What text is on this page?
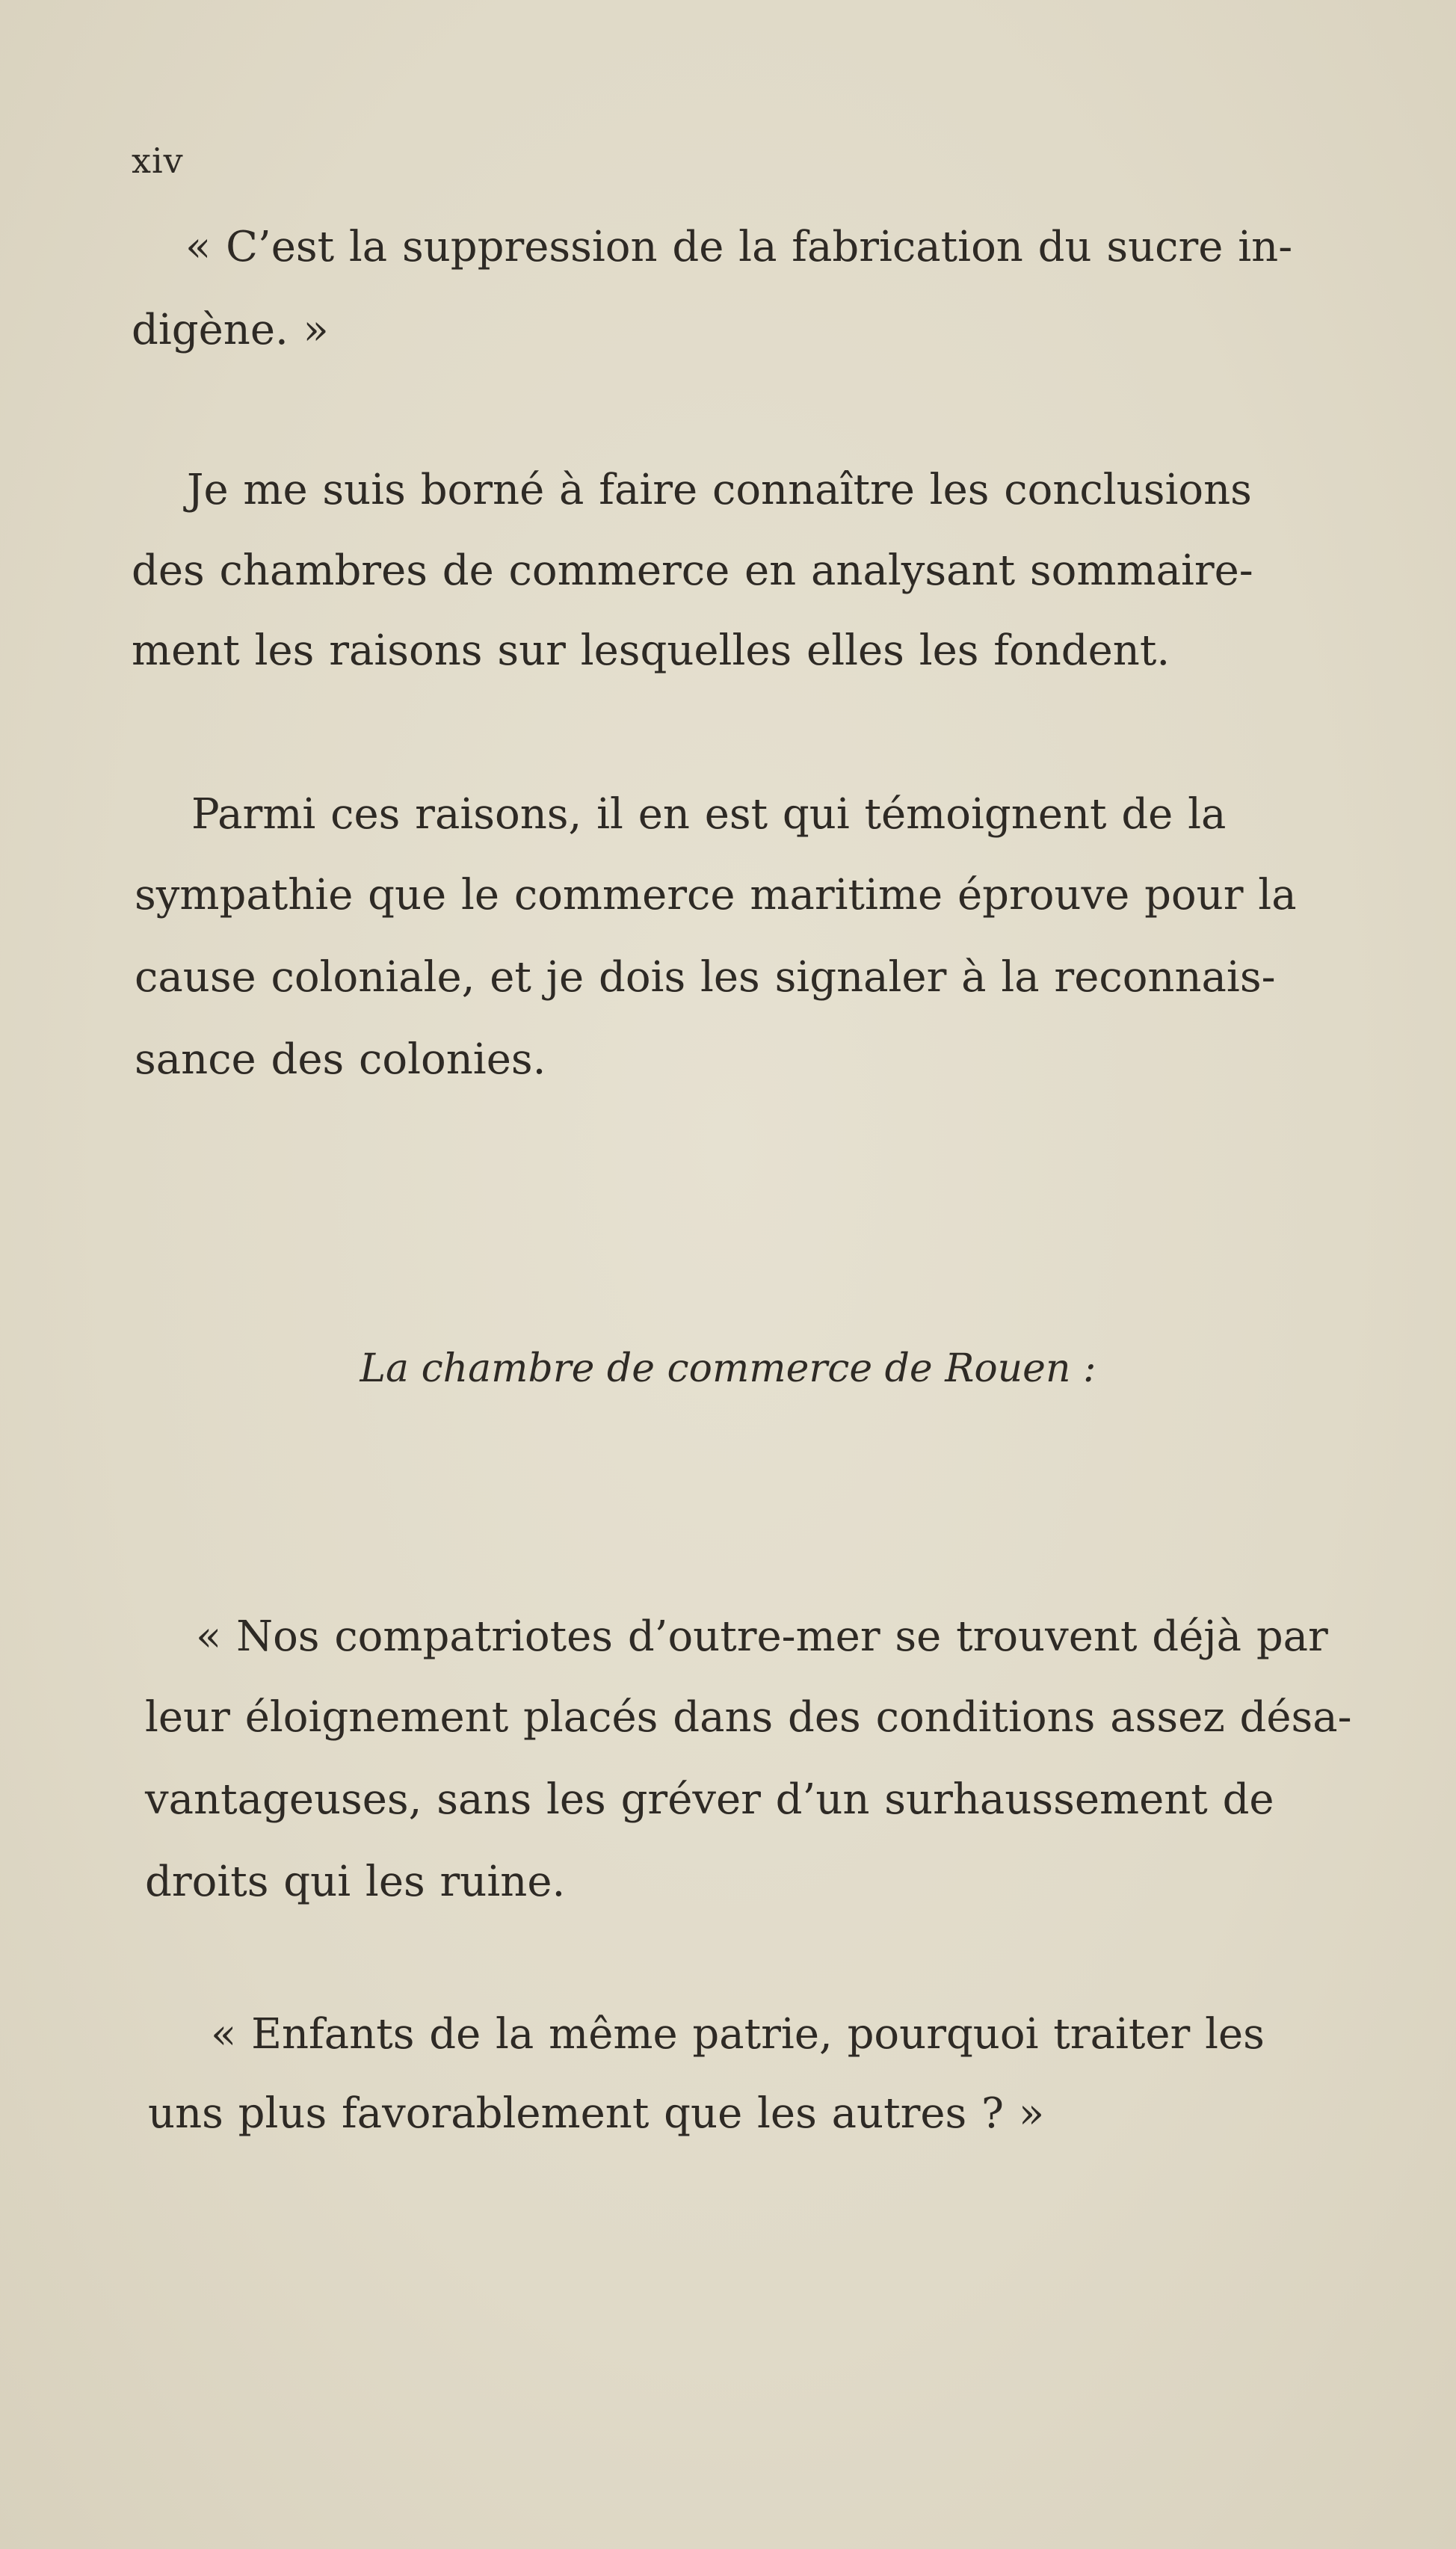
xiv
« C’est la suppression de la fabrication du sucre in-
digène. »
Je me suis borné à faire connaître les conclusions
des chambres de commerce en analysant sommaire-
ment les raisons sur lesquelles elles les fondent.
Parmi ces raisons, il en est qui témoignent de la
sympathie que le commerce maritime éprouve pour la
cause coloniale, et je dois les signaler à la reconnais-
sance des colonies.
La chambre de commerce de Rouen :
« Nos compatriotes d’outre-mer se trouvent déjà par
leur éloignement placés dans des conditions assez désa-
vantageuses, sans les gréver d’un surhaussement de
droits qui les ruine.
« Enfants de la même patrie, pourquoi traiter les
uns plus favorablement que les autres ? »
